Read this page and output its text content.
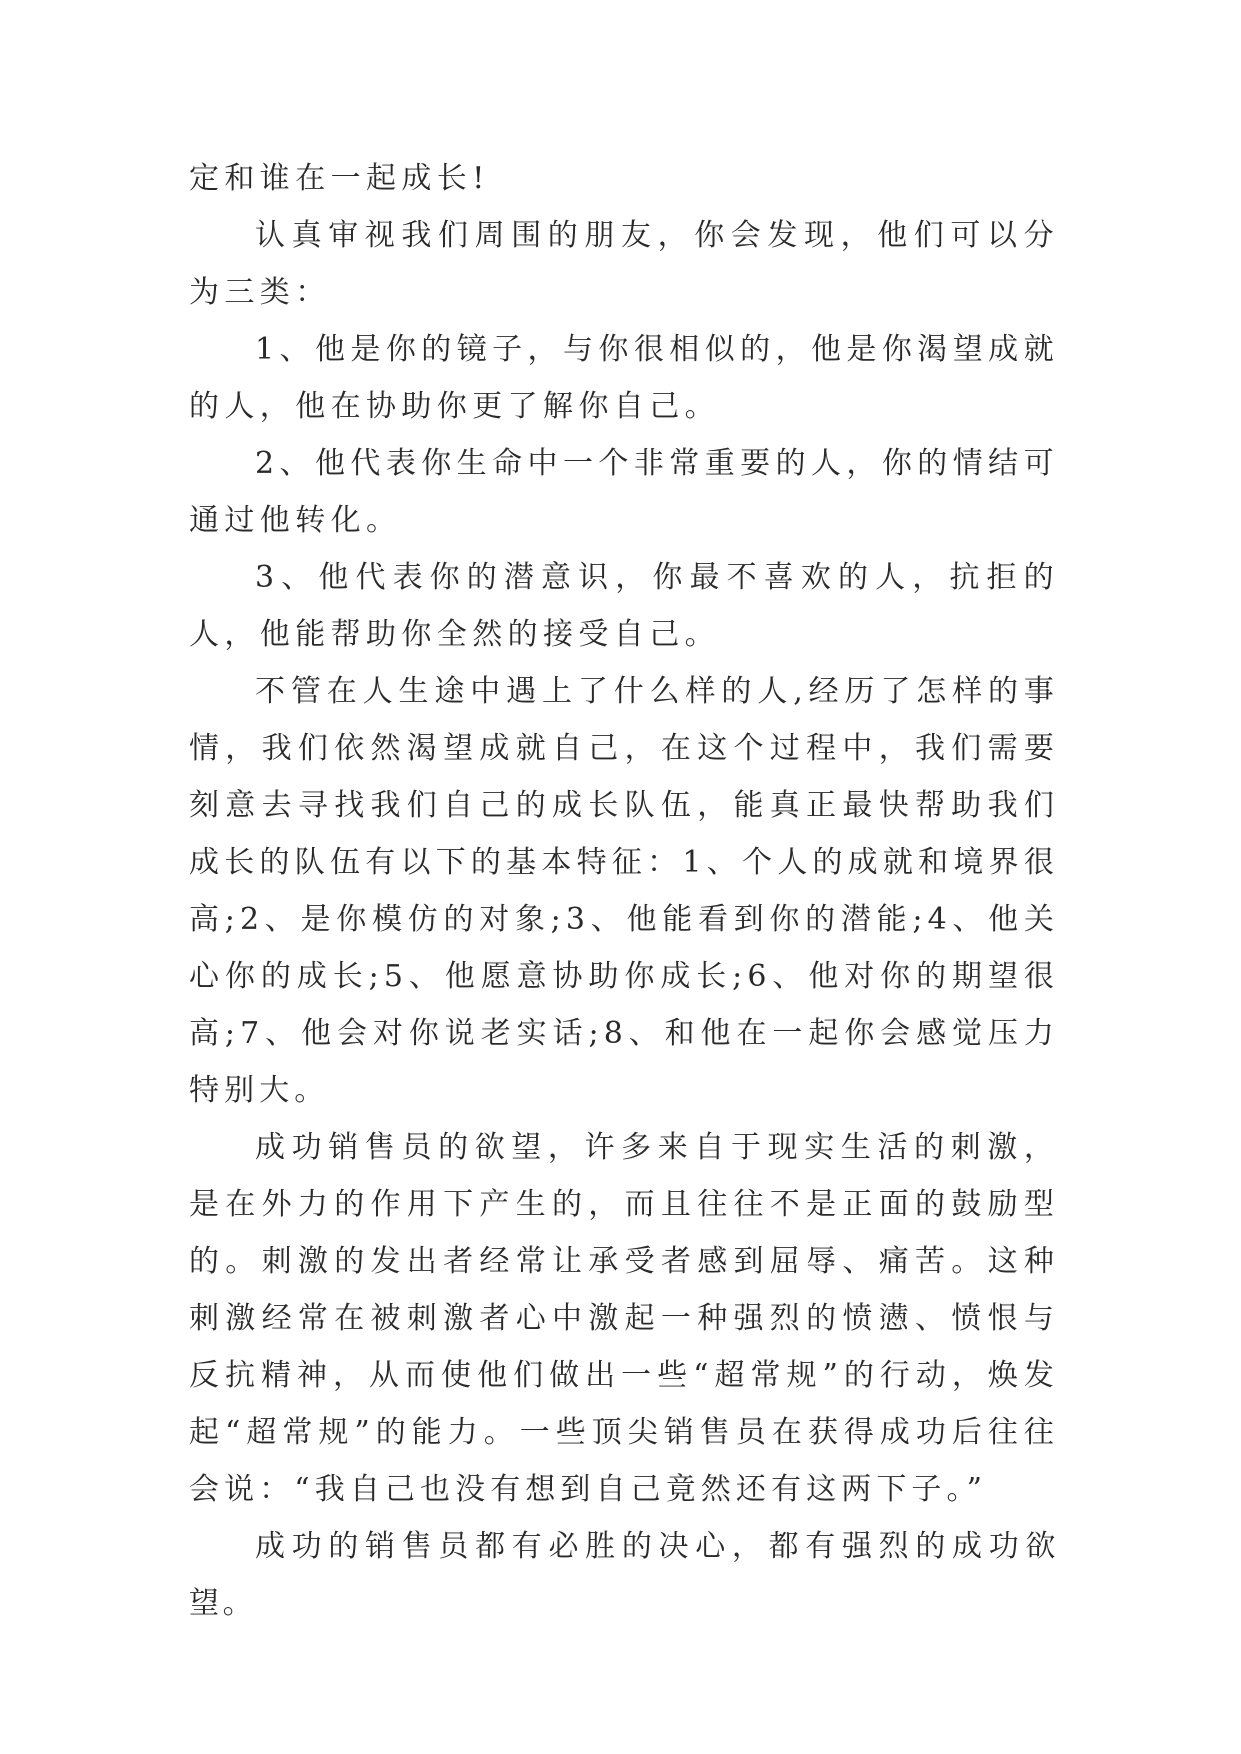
定和谁在一起成长!

认真审视我们周围的朋友，你会发现，他们可以分为三类：

1、他是你的镜子，与你很相似的，他是你渴望成就的人，他在协助你更了解你自己。

2、他代表你生命中一个非常重要的人，你的情结可通过他转化。

3、他代表你的潜意识，你最不喜欢的人，抗拒的人，他能帮助你全然的接受自己。

不管在人生途中遇上了什么样的人,经历了怎样的事情，我们依然渴望成就自己，在这个过程中，我们需要刻意去寻找我们自己的成长队伍，能真正最快帮助我们成长的队伍有以下的基本特征：1、个人的成就和境界很高;2、是你模仿的对象;3、他能看到你的潜能;4、他关心你的成长;5、他愿意协助你成长;6、他对你的期望很高;7、他会对你说老实话;8、和他在一起你会感觉压力特别大。

成功销售员的欲望，许多来自于现实生活的刺激，是在外力的作用下产生的，而且往往不是正面的鼓励型的。刺激的发出者经常让承受者感到屈辱、痛苦。这种刺激经常在被刺激者心中激起一种强烈的愤懑、愤恨与反抗精神，从而使他们做出一些“超常规”的行动，焕发起“超常规”的能力。一些顶尖销售员在获得成功后往往会说：“我自己也没有想到自己竟然还有这两下子。”

成功的销售员都有必胜的决心，都有强烈的成功欲望。
